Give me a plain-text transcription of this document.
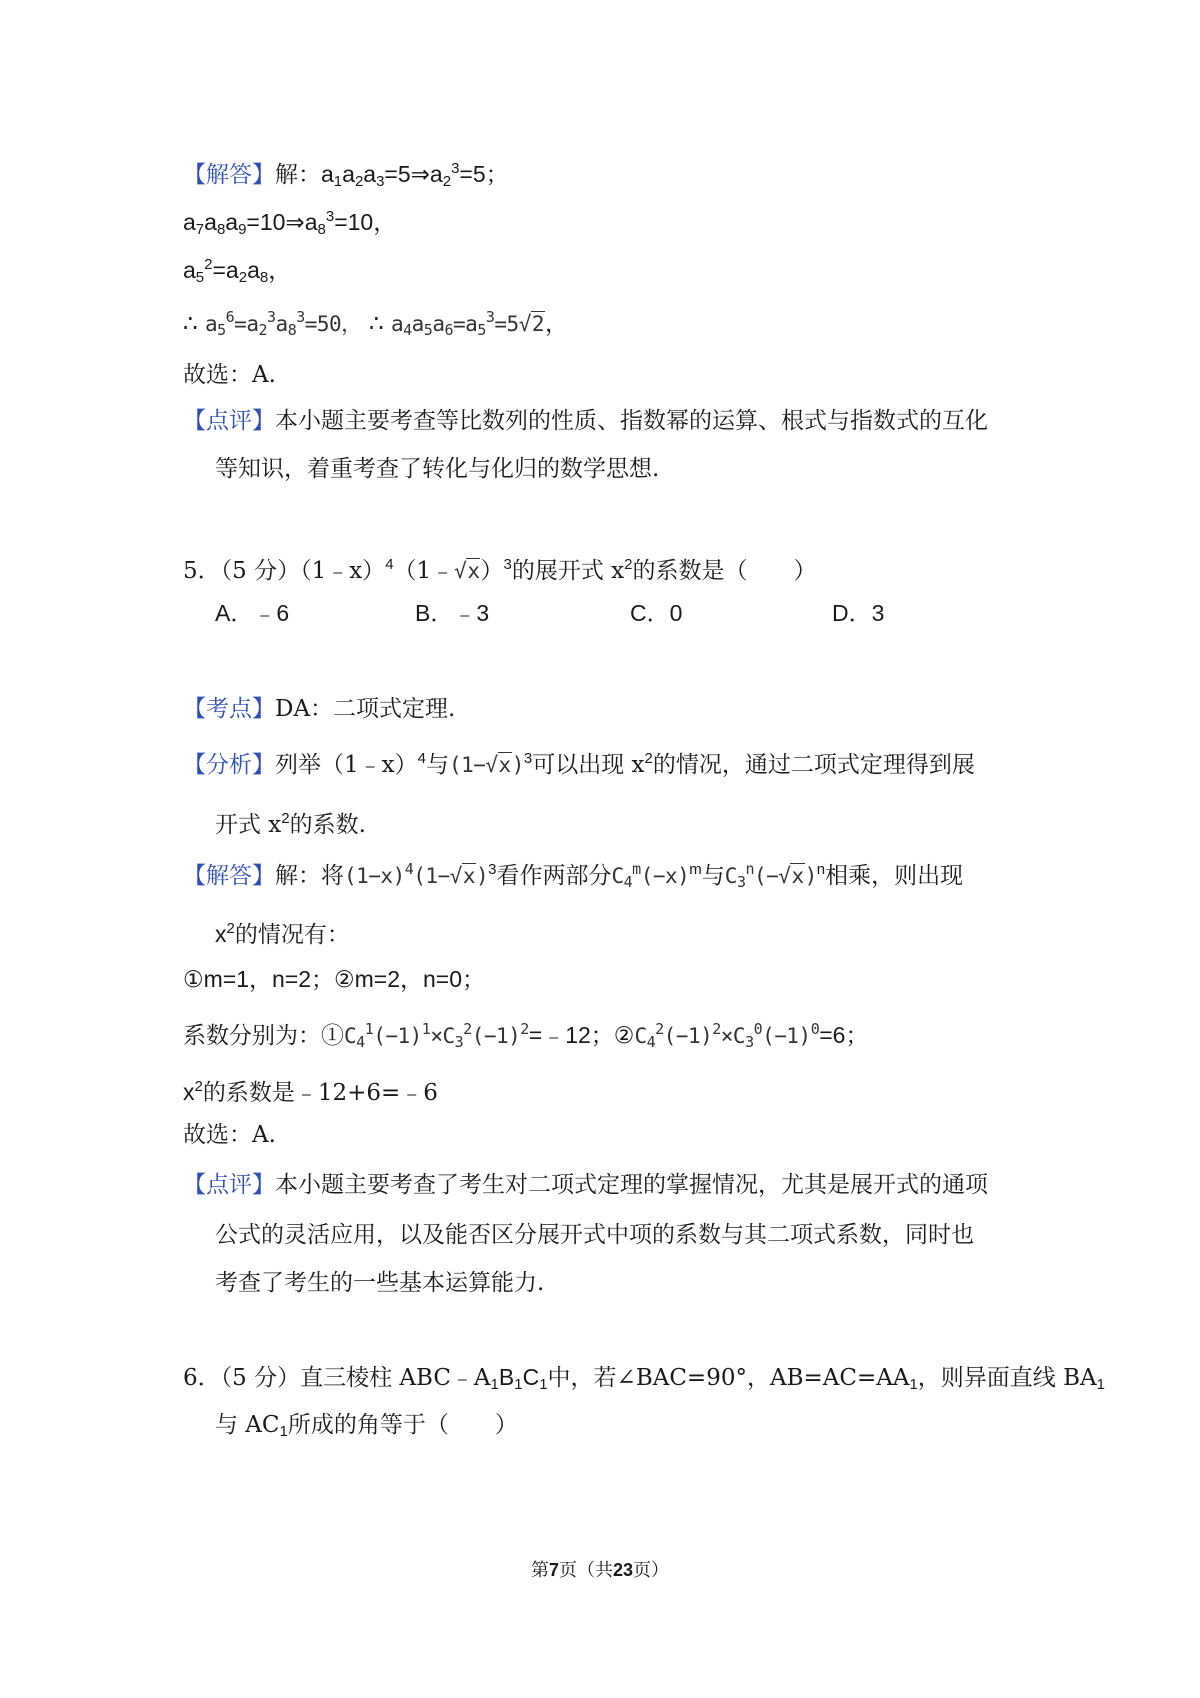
【解答】解：$a_1a_2a_3=5\Rightarrow a_2^3=5$；
$a_7a_8a_9=10\Rightarrow a_8^3=10$，
$a_5^2=a_2a_8$，
∴ $a_5^6=a_2^3a_8^3=50$， ∴ $a_4a_5a_6=a_5^3=5√2$，
故选：A.
【点评】本小题主要考查等比数列的性质、指数幂的运算、根式与指数式的互化
等知识，着重考查了转化与化归的数学思想.
5．（5 分）（1﹣x）$^4$（1﹣√x）$^3$的展开式 $x^2$的系数是（　　）
A．﹣6	B．﹣3	C．0	D．3
【考点】DA：二项式定理.
【分析】列举（1﹣x）$^4$与$(1-√x)^3$可以出现 $x^2$的情况，通过二项式定理得到展
开式 $x^2$的系数.
【解答】解：将$(1-x)^4(1-√x)^3$看作两部分$C_4^m(-x)^m$与$C_3^n(-√x)^n$相乘，则出现
$x^2$的情况有：
①m=1，n=2；②m=2，n=0；
系数分别为：$①C_4^1(-1)^1\times C_3^2(-1)^2=﹣12$；$②C_4^2(-1)^2\times C_3^0(-1)^0=6$；
$x^2$的系数是﹣12+6=﹣6
故选：A.
【点评】本小题主要考查了考生对二项式定理的掌握情况，尤其是展开式的通项
公式的灵活应用，以及能否区分展开式中项的系数与其二项式系数，同时也
考查了考生的一些基本运算能力.
6．（5 分）直三棱柱 $ABC﹣A_1B_1C_1$中，若∠BAC=90°，$AB=AC=AA_1$，则异面直线 $BA_1$
与 $AC_1$所成的角等于（　　）
第7页（共23页）
